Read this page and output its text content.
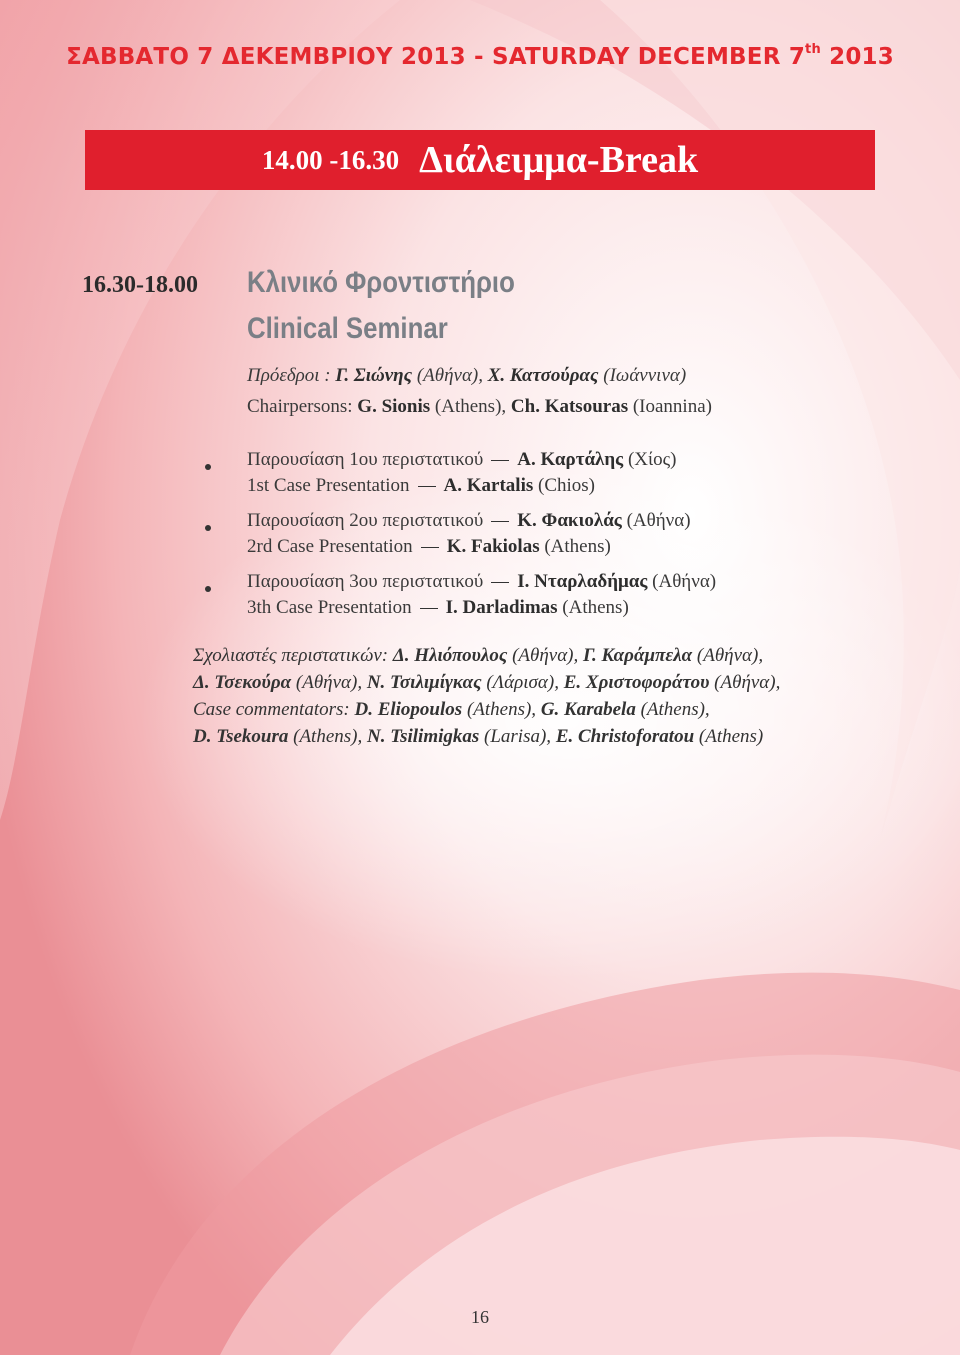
ΣΑΒΒΑΤΟ 7 ΔΕΚΕΜΒΡΙΟΥ 2013 - SATURDAY DECEMBER 7th 2013
14.00 -16.30 Διάλειμμα-Break
16.30-18.00 Κλινικό Φροντιστήριο
Clinical Seminar
Πρόεδροι : Γ. Σιώνης (Αθήνα), Χ. Κατσούρας (Ιωάννινα)
Chairpersons: G. Sionis (Athens), Ch. Katsouras (Ioannina)
Παρουσίαση 1ου περιστατικού Α. Καρτάλης (Χίος)
1st Case Presentation A. Kartalis (Chios)
Παρουσίαση 2ου περιστατικού Κ. Φακιολάς (Αθήνα)
2rd Case Presentation K. Fakiolas (Athens)
Παρουσίαση 3ου περιστατικού Ι. Νταρλαδήμας (Αθήνα)
3th Case Presentation I. Darladimas (Athens)
Σχολιαστές περιστατικών: Δ. Ηλιόπουλος (Αθήνα), Γ. Καράμπελα (Αθήνα),
Δ. Τσεκούρα (Αθήνα), Ν. Τσιλιμίγκας (Λάρισα), Ε. Χριστοφοράτου (Αθήνα),
Case commentators: D. Eliopoulos (Athens), G. Karabela (Athens),
D. Tsekoura (Athens), N. Tsilimigkas (Larisa), E. Christoforatou (Athens)
16
